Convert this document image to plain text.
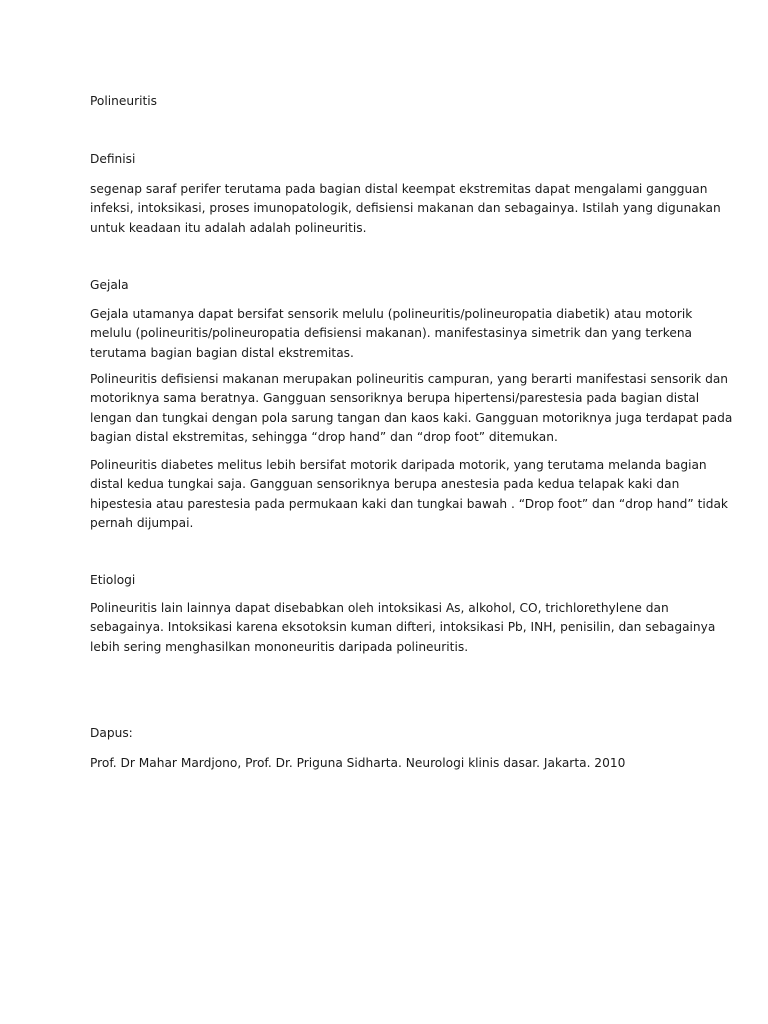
Polineuritis

Definisi

segenap saraf perifer terutama pada bagian distal keempat ekstremitas dapat mengalami gangguan
infeksi, intoksikasi, proses imunopatologik, defisiensi makanan dan sebagainya. Istilah yang digunakan
untuk keadaan itu adalah adalah polineuritis.

Gejala

Gejala utamanya dapat bersifat sensorik melulu (polineuritis/polineuropatia diabetik) atau motorik
melulu (polineuritis/polineuropatia defisiensi makanan). manifestasinya simetrik dan yang terkena
terutama bagian bagian distal ekstremitas.

Polineuritis defisiensi makanan merupakan polineuritis campuran, yang berarti manifestasi sensorik dan
motoriknya sama beratnya. Gangguan sensoriknya berupa hipertensi/parestesia pada bagian distal
lengan dan tungkai dengan pola sarung tangan dan kaos kaki. Gangguan motoriknya juga terdapat pada
bagian distal ekstremitas, sehingga “drop hand” dan “drop foot” ditemukan.

Polineuritis diabetes melitus lebih bersifat motorik daripada motorik, yang terutama melanda bagian
distal kedua tungkai saja. Gangguan sensoriknya berupa anestesia pada kedua telapak kaki dan
hipestesia atau parestesia pada permukaan kaki dan tungkai bawah . “Drop foot” dan “drop hand” tidak
pernah dijumpai.

Etiologi

Polineuritis lain lainnya dapat disebabkan oleh intoksikasi As, alkohol, CO, trichlorethylene dan
sebagainya. Intoksikasi karena eksotoksin kuman difteri, intoksikasi Pb, INH, penisilin, dan sebagainya
lebih sering menghasilkan mononeuritis daripada polineuritis.

Dapus:

Prof. Dr Mahar Mardjono, Prof. Dr. Priguna Sidharta. Neurologi klinis dasar. Jakarta. 2010
